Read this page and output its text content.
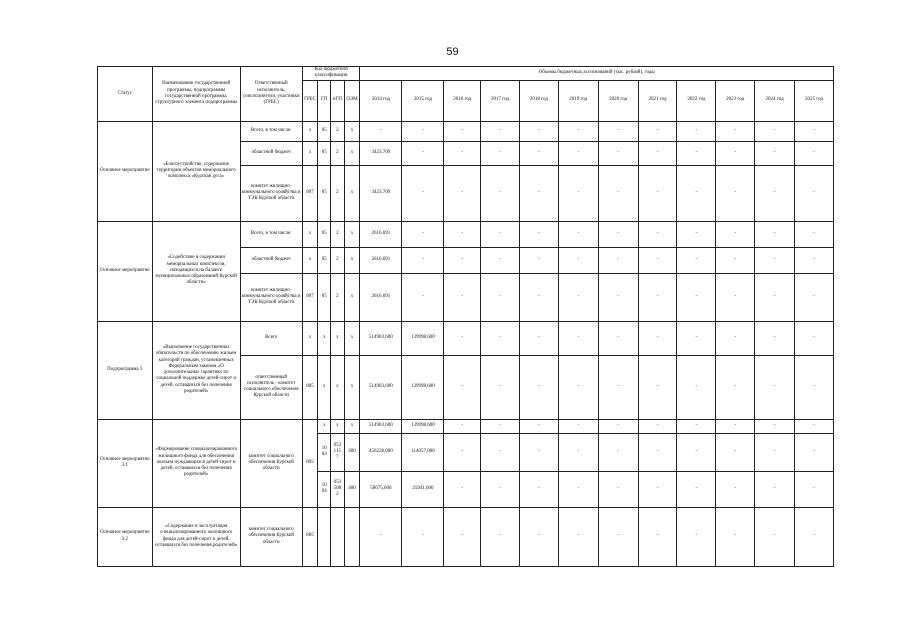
59
Статус	Наименование государственной программы, подпрограммы государственной программы, структурного элемента подпрограммы	Ответственный исполнитель, соисполнители, участники (ГРБС)	Код бюджетной классификации				Объемы бюджетных ассигнований (тыс. рублей), годы											
			ГРБС	ГП	пГП	ОЭМ	2014 год	2015 год	2016 год	2017 год	2018 год	2019 год	2020 год	2021 год	2022 год	2023 год	2024 год	2025 год
Основное мероприятие	«Благоустройство, содержание территории объектов мемориального комплекса «Курская дуга»	Всего, в том числе:	х	05	2	х	-	-	-	-	-	-	-	-	-	-	-	-
		областной бюджет	х	05	2	х	3423,709	-	-	-	-	-	-	-	-	-	-	-
		комитет жилищно-коммунального хозяйства и ТЭК Курской области	807	05	2	х	3423,709	-	-	-	-	-	-	-	-	-	-	-
Основное мероприятие	«Содействие в содержании мемориальных комплексов, находящихся на балансе муниципальных образований Курской области»	Всего, в том числе:	х	05	2	х	2616,691	-	-	-	-	-	-	-	-	-	-	-
		областной бюджет	х	05	2	х	2616,691	-	-	-	-	-	-	-	-	-	-	-
		комитет жилищно-коммунального хозяйства и ТЭК Курской области	807	05	2	х	2616,691	-	-	-	-	-	-	-	-	-	-	-
Подпрограмма 3	«Выполнение государственных обязательств по обеспечению жильем категорий граждан, установленных Федеральным законом «О дополнительных гарантиях по социальной поддержке детей-сирот и детей, оставшихся без попечения родителей»	Всего	х	х	х	х	514903,600	139998,600	-	-	-	-	-	-	-	-	-	-
		ответственный исполнитель - комитет социального обеспечения Курской области	805	х	х	х	514903,600	139998,600	-	-	-	-	-	-	-	-	-	-
Основное мероприятие 3.1	«Формирование специализированного жилищного фонда для обеспечения жильем нуждающихся детей-сирот и детей, оставшихся без попечения родителей»	комитет социального обеспечения Курской области	805	х	х	х	514903,600	139998,600	-	-	-	-	-	-	-	-	-	-
				10 04	053 115 7	400	456228,000	114057,000	-	-	-	-	-	-	-	-	-	-
				10 04	053 508 2	400	58675,600	25941,600	-	-	-	-	-	-	-	-	-	-
Основное мероприятие 3.2	«Содержание и эксплуатация специализированного жилищного фонда для детей-сирот и детей, оставшихся без попечения родителей»	комитет социального обеспечения Курской области	805				-	-	-	-	-	-	-	-	-	-	-	-
